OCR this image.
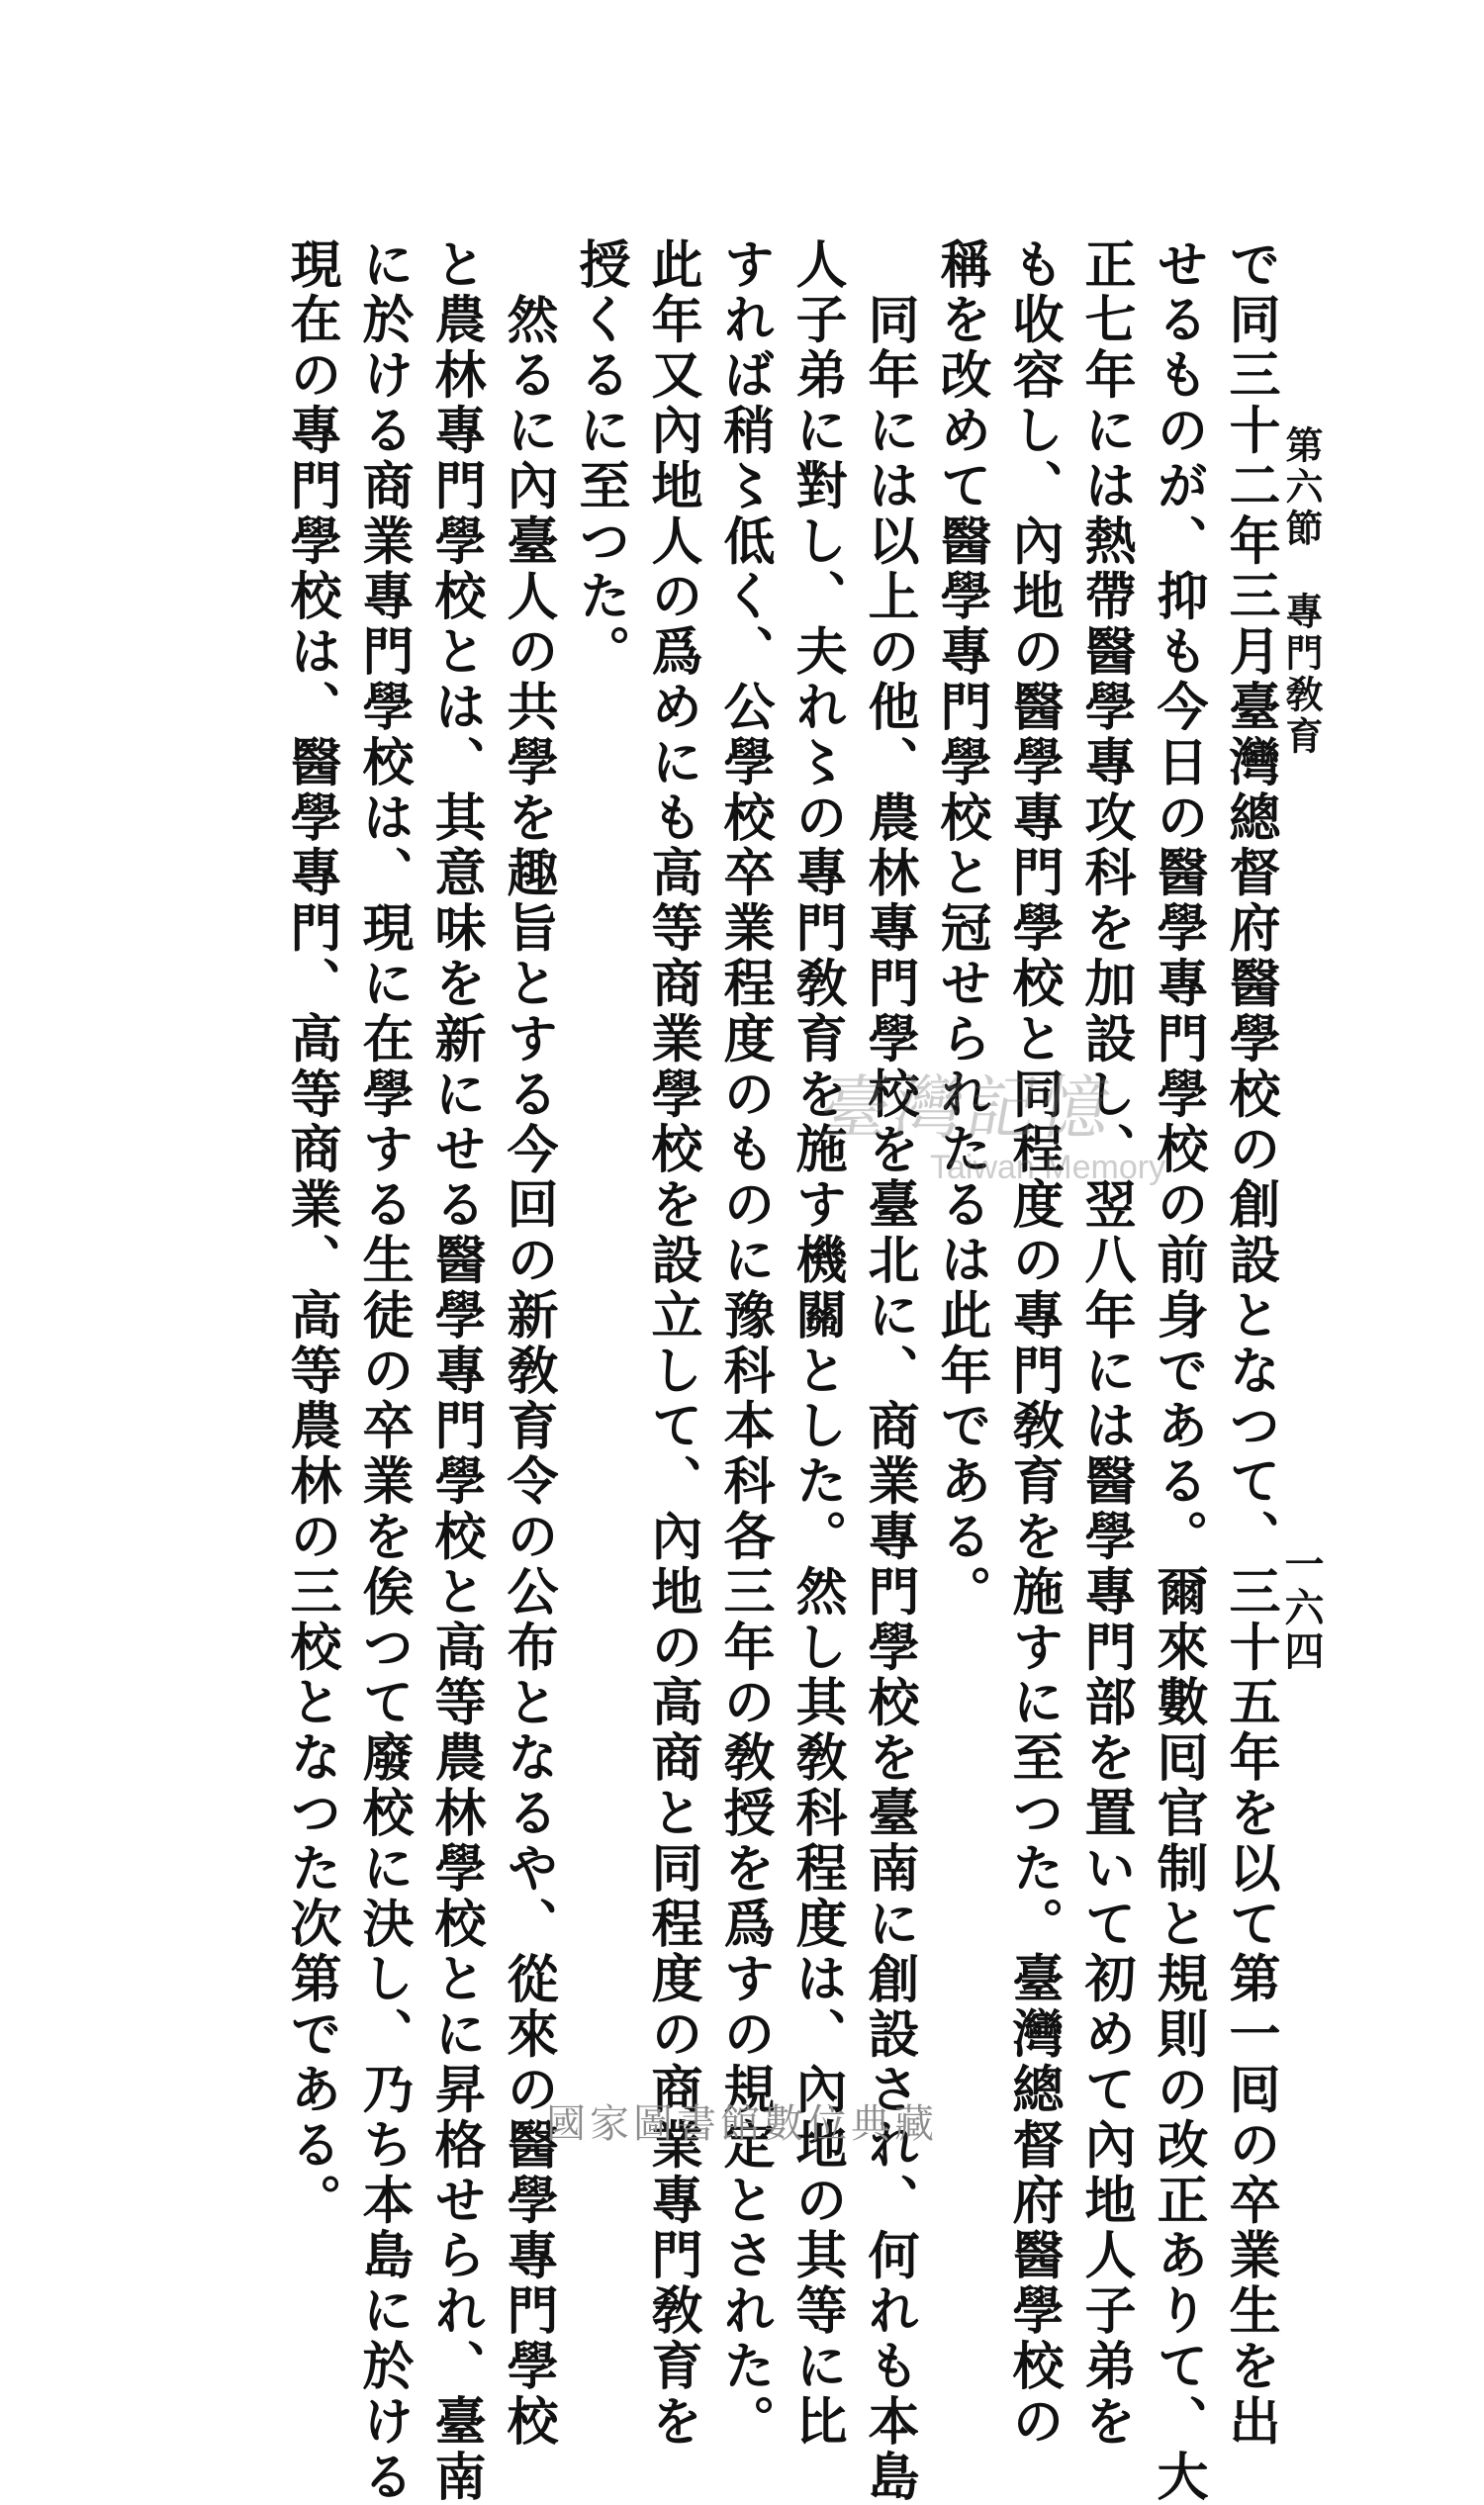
第六節　專門敎育
一六四
で同三十二年三月臺灣總督府醫學校の創設となつて、三十五年を以て第一囘の卒業生を出
せるものが、抑も今日の醫學專門學校の前身である。爾來數囘官制と規則の改正ありて、大
正七年には熱帶醫學專攻科を加設し、翌八年には醫學專門部を置いて初めて內地人子弟を
も收容し、內地の醫學專門學校と同程度の專門敎育を施すに至つた。臺灣總督府醫學校の
稱を改めて醫學專門學校と冠せられたるは此年である。
同年には以上の他、農林專門學校を臺北に、商業專門學校を臺南に創設され、何れも本島
人子弟に對し、夫れ〻の專門敎育を施す機關とした。然し其敎科程度は、內地の其等に比
すれば稍〻低く、公學校卒業程度のものに豫科本科各三年の敎授を爲すの規定とされた。
此年又內地人の爲めにも高等商業學校を設立して、內地の高商と同程度の商業專門敎育を
授くるに至つた。
然るに內臺人の共學を趣旨とする今回の新敎育令の公布となるや、從來の醫學專門學校
と農林專門學校とは、其意味を新にせる醫學專門學校と高等農林學校とに昇格せられ、臺南
に於ける商業專門學校は、現に在學する生徒の卒業を俟つて廢校に決し、乃ち本島に於ける
現在の專門學校は、醫學專門、高等商業、高等農林の三校となつた次第である。	臺灣記憶
Taiwan Memory
國家圖書館數位典藏
